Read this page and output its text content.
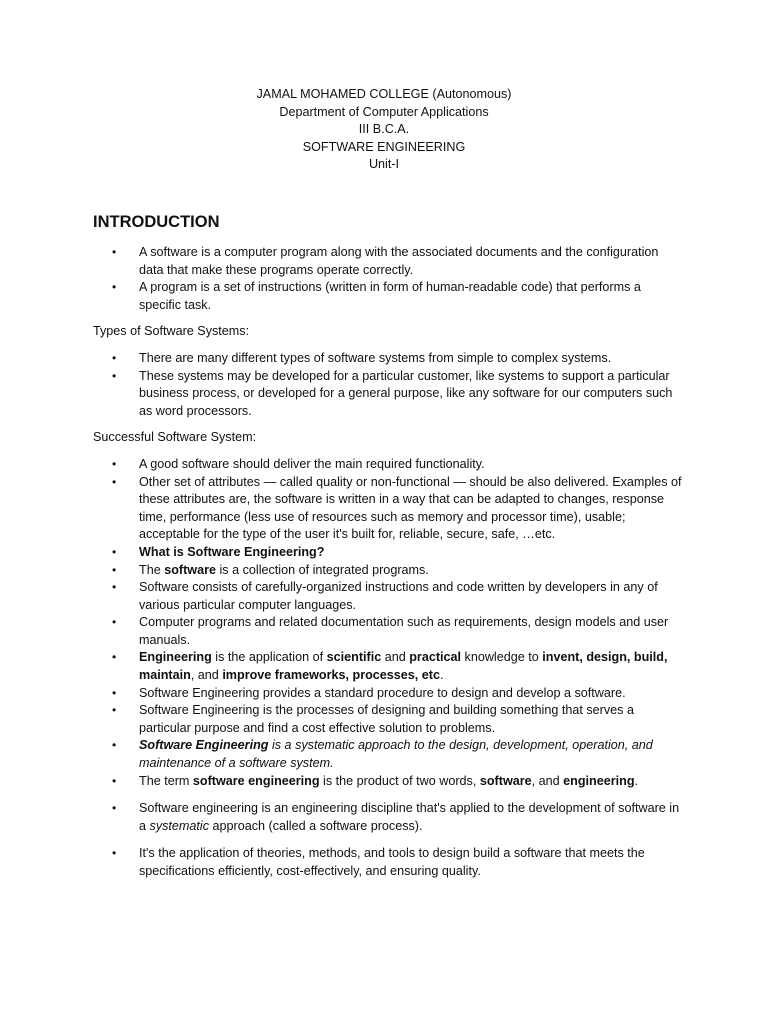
JAMAL MOHAMED COLLEGE (Autonomous)
Department of Computer Applications
III B.C.A.
SOFTWARE ENGINEERING
Unit-I
INTRODUCTION
• A software is a computer program along with the associated documents and the configuration data that make these programs operate correctly.
• A program is a set of instructions (written in form of human-readable code) that performs a specific task.

Types of Software Systems:

• There are many different types of software systems from simple to complex systems.
• These systems may be developed for a particular customer, like systems to support a particular business process, or developed for a general purpose, like any software for our computers such as word processors.

Successful Software System:

• A good software should deliver the main required functionality.
• Other set of attributes — called quality or non-functional — should be also delivered. Examples of these attributes are, the software is written in a way that can be adapted to changes, response time, performance (less use of resources such as memory and processor time), usable; acceptable for the type of the user it's built for, reliable, secure, safe, …etc.
• What is Software Engineering?
• The software is a collection of integrated programs.
• Software consists of carefully-organized instructions and code written by developers in any of various particular computer languages.
• Computer programs and related documentation such as requirements, design models and user manuals.
• Engineering is the application of scientific and practical knowledge to invent, design, build, maintain, and improve frameworks, processes, etc.
• Software Engineering provides a standard procedure to design and develop a software.
• Software Engineering is the processes of designing and building something that serves a particular purpose and find a cost effective solution to problems.
• Software Engineering is a systematic approach to the design, development, operation, and maintenance of a software system.
• The term software engineering is the product of two words, software, and engineering.
• Software engineering is an engineering discipline that's applied to the development of software in a systematic approach (called a software process).
• It's the application of theories, methods, and tools to design build a software that meets the specifications efficiently, cost-effectively, and ensuring quality.
